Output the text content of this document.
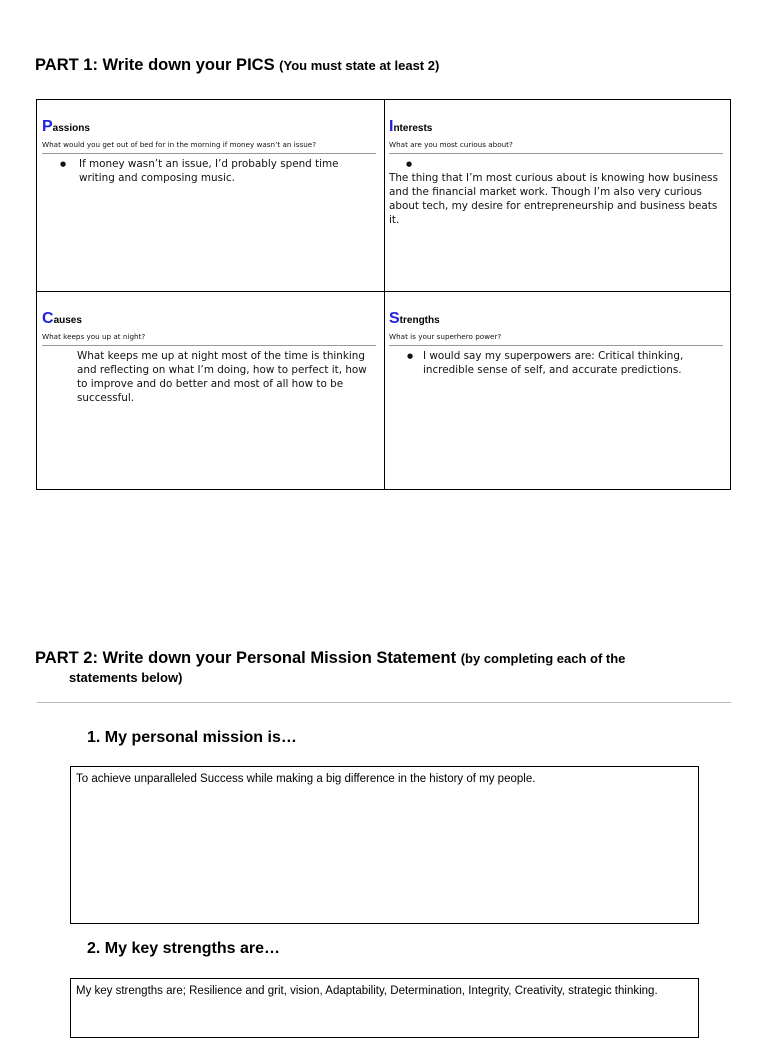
PART 1: Write down your PICS (You must state at least 2)
Passions
What would you get out of bed for in the morning if money wasn’t an issue?
● If money wasn’t an issue, I’d probably spend time writing and composing music.
Interests
What are you most curious about?
●
The thing that I’m most curious about is knowing how business and the financial market work. Though I’m also very curious about tech, my desire for entrepreneurship and business beats it.
Causes
What keeps you up at night?
What keeps me up at night most of the time is thinking and reflecting on what I’m doing, how to perfect it, how to improve and do better and most of all how to be successful.
Strengths
What is your superhero power?
● I would say my superpowers are: Critical thinking, incredible sense of self, and accurate predictions.
PART 2: Write down your Personal Mission Statement (by completing each of the
statements below)
1. My personal mission is…
To achieve unparalleled Success while making a big difference in the history of my people.
2. My key strengths are…
My key strengths are; Resilience and grit, vision, Adaptability, Determination, Integrity, Creativity, strategic thinking.
